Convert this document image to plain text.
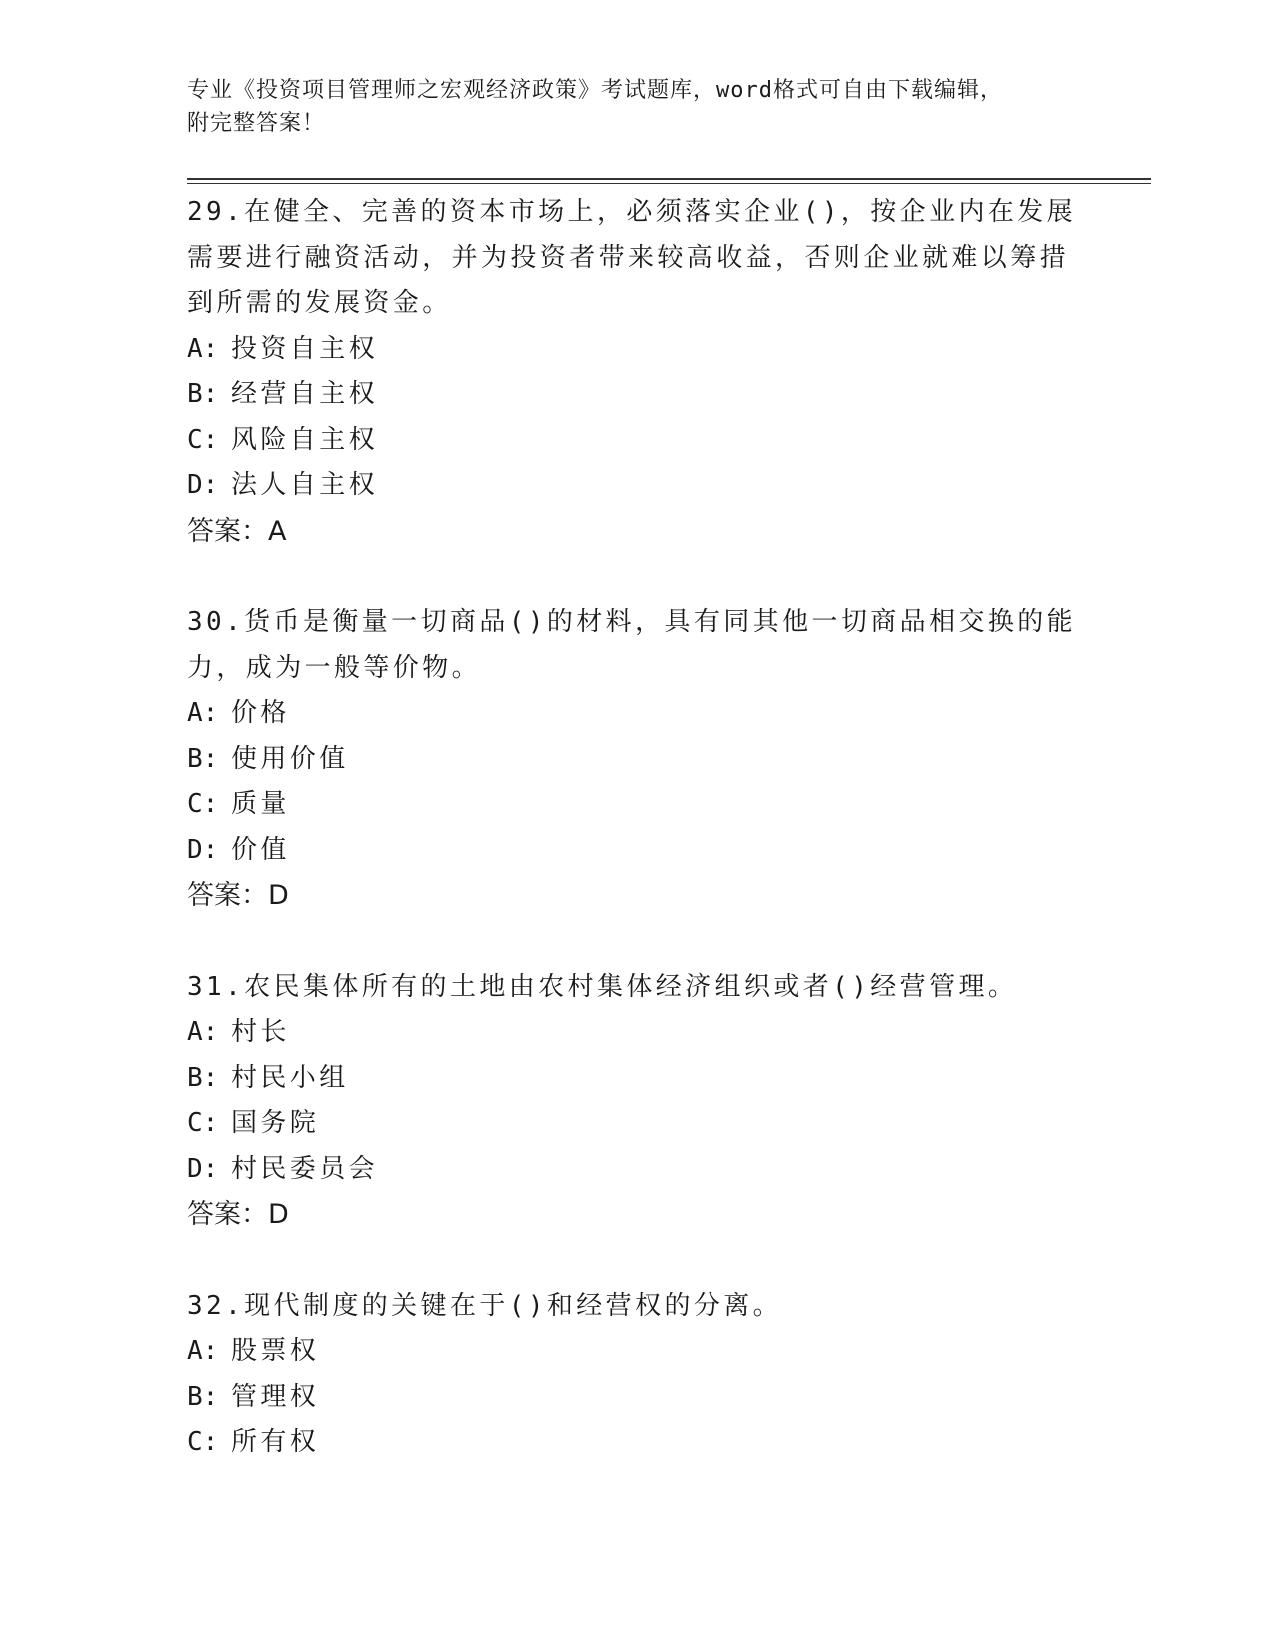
专业《投资项目管理师之宏观经济政策》考试题库，word格式可自由下载编辑，
附完整答案！
29.在健全、完善的资本市场上，必须落实企业()，按企业内在发展需要进行融资活动，并为投资者带来较高收益，否则企业就难以筹措到所需的发展资金。
A: 投资自主权
B: 经营自主权
C: 风险自主权
D: 法人自主权
答案：A
30.货币是衡量一切商品()的材料，具有同其他一切商品相交换的能力，成为一般等价物。
A: 价格
B: 使用价值
C: 质量
D: 价值
答案：D
31.农民集体所有的土地由农村集体经济组织或者()经营管理。
A: 村长
B: 村民小组
C: 国务院
D: 村民委员会
答案：D
32.现代制度的关键在于()和经营权的分离。
A: 股票权
B: 管理权
C: 所有权
